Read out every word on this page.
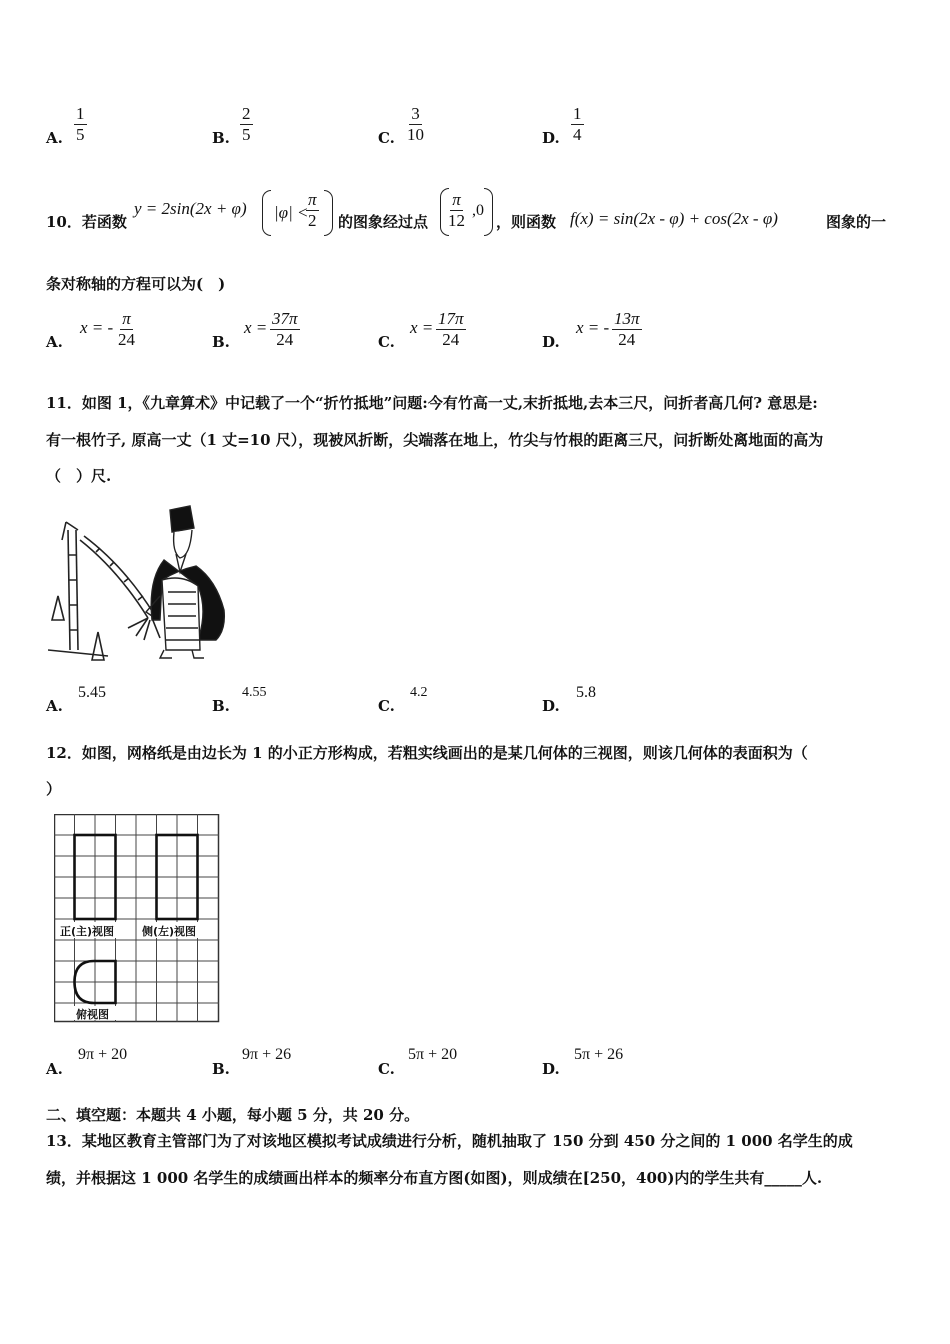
A. $\frac{1}{5}$	B. $\frac{2}{5}$	C. $\frac{3}{10}$	D. $\frac{1}{4}$
10．若函数
y = 2sin(2x + φ) |φ| <
$\frac{\pi}{2}$ 的图象经过点 $\frac{\pi}{12} ,0$
，则函数 f(x) = sin(2x - φ) + cos(2x - φ)	图象的一
条对称轴的方程可以为(　)
A.
x = - $\frac{\pi}{24}$	B.
$x = \frac{37\pi}{24}$	C.
$x = \frac{17\pi}{24}$	D.
x = - $\frac{13\pi}{24}$
11．如图 1，《九章算术》中记载了一个“折竹抵地”问题:今有竹高一丈,末折抵地,去本三尺，问折者高几何? 意思是:
有一根竹子, 原高一丈（1 丈=10 尺），现被风折断，尖端落在地上，竹尖与竹根的距离三尺，问折断处离地面的高为
（　）尺.
A.
5.45
B.
4.55
C.
4.2
D.
5.8
12．如图，网格纸是由边长为 1 的小正方形构成，若粗实线画出的是某几何体的三视图，则该几何体的表面积为（
）
正(主)视图	侧(左)视图
俯视图
A.
9π + 20
B.
9π + 26
C.
5π + 20
D.
5π + 26
二、填空题：本题共 4 小题，每小题 5 分，共 20 分。
13．某地区教育主管部门为了对该地区模拟考试成绩进行分析，随机抽取了 150 分到 450 分之间的 1 000 名学生的成
绩，并根据这 1 000 名学生的成绩画出样本的频率分布直方图(如图)，则成绩在[250，400)内的学生共有_____人.
